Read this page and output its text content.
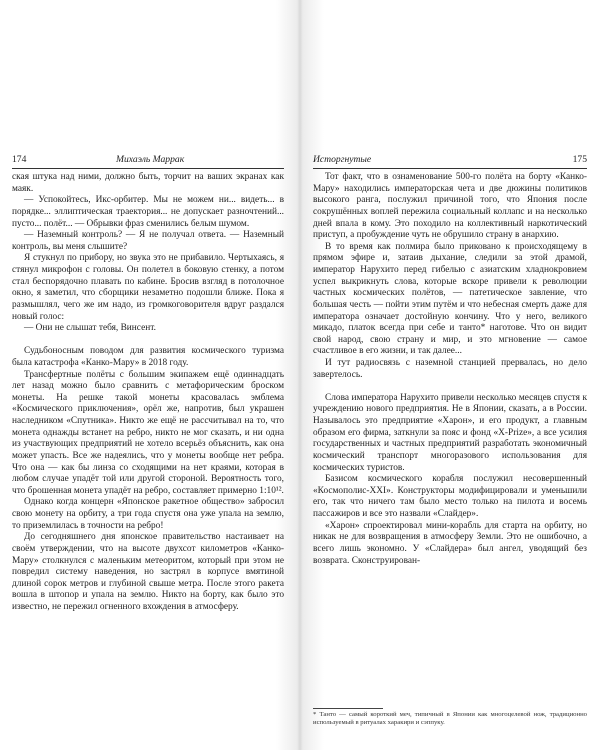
174	Михаэль Маррак

ская штука над ними, должно быть, торчит на ваших экранах как маяк.

— Успокойтесь, Икс-орбитер. Мы не можем ни... видеть... в порядке... эллиптическая траектория... не допускает разночтений... пусто... полёт... — Обрывки фраз сменились белым шумом.

— Наземный контроль? — Я не получал ответа. — Наземный контроль, вы меня слышите?

Я стукнул по прибору, но звука это не прибавило. Чертыхаясь, я стянул микрофон с головы. Он полетел в боковую стенку, а потом стал беспорядочно плавать по кабине. Бросив взгляд в потолочное окно, я заметил, что сборщики незаметно подошли ближе. Пока я размышлял, чего же им надо, из громкоговорителя вдруг раздался новый голос:

— Они не слышат тебя, Винсент.

Судьбоносным поводом для развития космического туризма была катастрофа «Канко-Мару» в 2018 году.

Трансфертные полёты с большим экипажем ещё одиннадцать лет назад можно было сравнить с метафорическим броском монеты. На решке такой монеты красовалась эмблема «Космического приключения», орёл же, напротив, был украшен наследником «Спутника». Никто же ещё не рассчитывал на то, что монета однажды встанет на ребро, никто не мог сказать, и ни одна из участвующих предприятий не хотело всерьёз объяснить, как она может упасть. Все же надеялись, что у монеты вообще нет ребра. Что она — как бы линза со сходящими на нет краями, которая в любом случае упадёт той или другой стороной. Вероятность того, что брошенная монета упадёт на ребро, составляет примерно 1:10¹².

Однако когда концерн «Японское ракетное общество» забросил свою монету на орбиту, а три года спустя она уже упала на землю, то приземлилась в точности на ребро!

До сегодняшнего дня японское правительство настаивает на своём утверждении, что на высоте двухсот километров «Канко-Мару» столкнулся с маленьким метеоритом, который при этом не повредил систему наведения, но застрял в корпусе вмятиной длиной сорок метров и глубиной свыше метра. После этого ракета вошла в штопор и упала на землю. Никто на борту, как было это известно, не пережил огненного вхождения в атмосферу.

Исторгнутые	175

Тот факт, что в ознаменование 500-го полёта на борту «Канко-Мару» находились императорская чета и две дюжины политиков высокого ранга, послужил причиной того, что Япония после сокрушённых воплей пережила социальный коллапс и на несколько дней впала в кому. Это походило на коллективный наркотический приступ, а пробуждение чуть не обрушило страну в анархию.

В то время как полмира было прикованo к происходящему в прямом эфире и, затаив дыхание, следили за этой драмой, император Нарухито перед гибелью с азиатским хладнокровием успел выкрикнуть слова, которые вскоре привели к революции частных космических полётов, — патетическое завление, что большая честь — пойти этим путём и что небесная смерть даже для императора означает достойную кончину. Что у него, великого микадо, платок всегда при себе и танто* наготове. Что он видит свой народ, свою страну и мир, и это мгновение — самое счастливое в его жизни, и так далее...

И тут радиосвязь с наземной станцией прервалась, но дело завертелось.

Слова императора Нарухито привели несколько месяцев спустя к учреждению нового предприятия. Не в Японии, сказать, а в России. Называлось это предприятие «Харон», и его продукт, а главным образом его фирма, заткнули за пояс и фонд «X-Prize», а все усилия государственных и частных предприятий разработать экономичный космический транспорт многоразового использования для космических туристов.

Базисом космического корабля послужил несовершенный «Космополис-XXI». Конструкторы модифицировали и уменьшили его, так что ничего там было место только на пилота и восемь пассажиров и все это назвали «Слайдер».

«Харон» спроектировал мини-корабль для старта на орбиту, но никак не для возвращения в атмосферу Земли. Это не ошибочно, а всего лишь экономно. У «Слайдера» был ангел, уводящий без возврата. Сконструирован-

* Танто — самый короткий меч, типичный в Японии как многоцелевой нож, традиционно используемый в ритуалах харакири и сэппуку.
